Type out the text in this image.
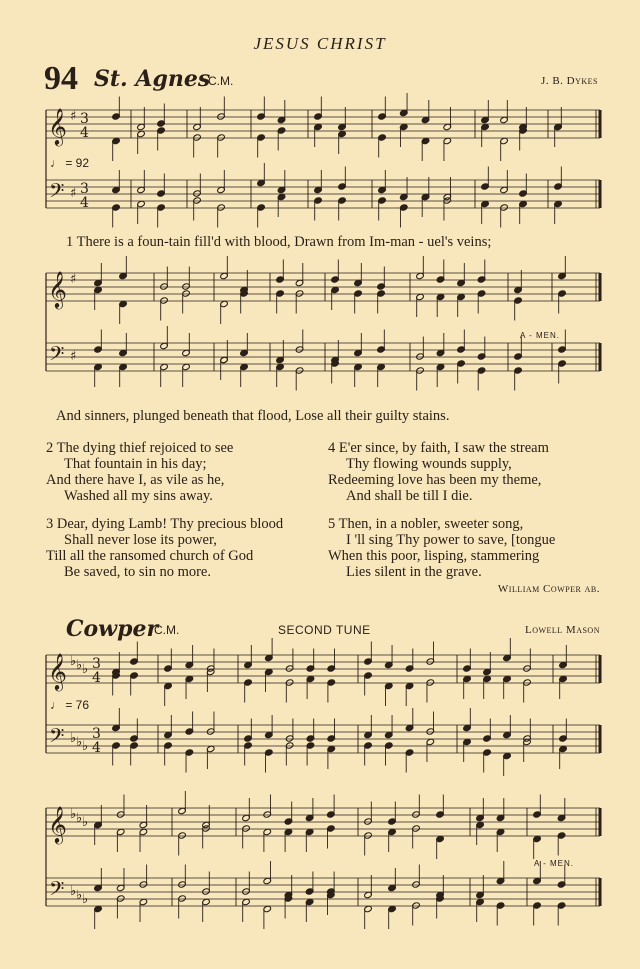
JESUS CHRIST
94 St. Agnes
C.M.	J. B. Dykes
𝄞
𝄢
♯
♯
3
4
3
4
𝄞
𝄢
♯
♯
𝄞
𝄢
♭
♭
♭
♭
♭
♭
3
4
3
4
𝄞
𝄢
♭
♭
♭
♭
♭
♭
♩ = 92
1 There is a foun-tain fill'd with blood, Drawn from Im-man - uel's veins;
A - MEN.
And sinners, plunged beneath that flood, Lose all their guilty stains.
2 The dying thief rejoiced to see
That fountain in his day;
And there have I, as vile as he,
Washed all my sins away.
3 Dear, dying Lamb! Thy precious blood
Shall never lose its power,
Till all the ransomed church of God
Be saved, to sin no more.
4 E'er since, by faith, I saw the stream
Thy flowing wounds supply,
Redeeming love has been my theme,
And shall be till I die.
5 Then, in a nobler, sweeter song,
I 'll sing Thy power to save, [tongue
When this poor, lisping, stammering
Lies silent in the grave.
William Cowper ab.
Cowper
C.M.	SECOND TUNE	Lowell Mason
♩ = 76
A - MEN.
